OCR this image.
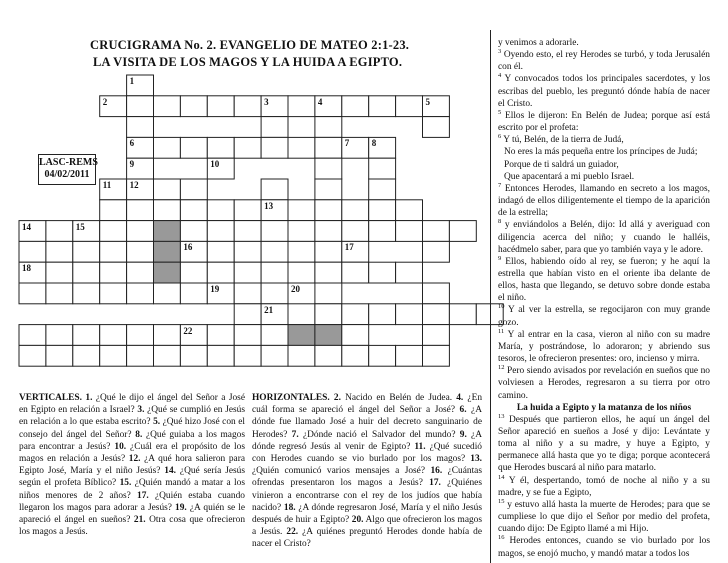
CRUCIGRAMA No. 2. EVANGELIO DE MATEO 2:1-23.
LA VISITA DE LOS MAGOS Y LA HUIDA A EGIPTO.
1
2	3	4	5
6	7 8
9	10
11 12
13
14	15
16	17
18
19	20
21
22
LASC-REMS
04/02/2011
VERTICALES. 1. ¿Qué le dijo el ángel del Señor a José en Egipto en relación a Israel? 3. ¿Qué se cumplió en Jesús en relación a lo que estaba escrito? 5. ¿Qué hizo José con el consejo del ángel del Señor? 8. ¿Qué guiaba a los magos para encontrar a Jesús? 10. ¿Cuál era el propósito de los magos en relación a Jesús? 12. ¿A qué hora salieron para Egipto José, María y el niño Jesús? 14. ¿Qué sería Jesús según el profeta Bíblico? 15. ¿Quién mandó a matar a los niños menores de 2 años? 17. ¿Quién estaba cuando llegaron los magos para adorar a Jesús? 19. ¿A quién se le apareció el ángel en sueños? 21. Otra cosa que ofrecieron los magos a Jesús.
HORIZONTALES. 2. Nacido en Belén de Judea. 4. ¿En cuál forma se apareció el ángel del Señor a José? 6. ¿A dónde fue llamado José a huir del decreto sanguinario de Herodes? 7. ¿Dónde nació el Salvador del mundo? 9. ¿A dónde regresó Jesús al venir de Egipto? 11. ¿Qué sucedió con Herodes cuando se vio burlado por los magos? 13. ¿Quién comunicó varios mensajes a José? 16. ¿Cuántas ofrendas presentaron los magos a Jesús? 17. ¿Quiénes vinieron a encontrarse con el rey de los judíos que había nacido? 18. ¿A dónde regresaron José, María y el niño Jesús después de huir a Egipto? 20. Algo que ofrecieron los magos a Jesús. 22. ¿A quiénes preguntó Herodes donde había de nacer el Cristo?
y venimos a adorarle.
$^3$ Oyendo esto, el rey Herodes se turbó, y toda Jerusalén con él.
$^4$ Y convocados todos los principales sacerdotes, y los escribas del pueblo, les preguntó dónde había de nacer el Cristo.
$^5$ Ellos le dijeron: En Belén de Judea; porque así está escrito por el profeta:
$^6$ Y tú, Belén, de la tierra de Judá,
No eres la más pequeña entre los príncipes de Judá;
Porque de ti saldrá un guiador,
Que apacentará a mi pueblo Israel.
$^7$ Entonces Herodes, llamando en secreto a los magos, indagó de ellos diligentemente el tiempo de la aparición de la estrella;
$^8$ y enviándolos a Belén, dijo: Id allá y averiguad con diligencia acerca del niño; y cuando le halléis, hacédmelo saber, para que yo también vaya y le adore.
$^9$ Ellos, habiendo oído al rey, se fueron; y he aquí la estrella que habían visto en el oriente iba delante de ellos, hasta que llegando, se detuvo sobre donde estaba el niño.
$^{10}$ Y al ver la estrella, se regocijaron con muy grande gozo.
$^{11}$ Y al entrar en la casa, vieron al niño con su madre María, y postrándose, lo adoraron; y abriendo sus tesoros, le ofrecieron presentes: oro, incienso y mirra.
$^{12}$ Pero siendo avisados por revelación en sueños que no volviesen a Herodes, regresaron a su tierra por otro camino.
La huida a Egipto y la matanza de los niños
$^{13}$ Después que partieron ellos, he aquí un ángel del Señor apareció en sueños a José y dijo: Levántate y toma al niño y a su madre, y huye a Egipto, y permanece allá hasta que yo te diga; porque acontecerá que Herodes buscará al niño para matarlo.
$^{14}$ Y él, despertando, tomó de noche al niño y a su madre, y se fue a Egipto,
$^{15}$ y estuvo allá hasta la muerte de Herodes; para que se cumpliese lo que dijo el Señor por medio del profeta, cuando dijo: De Egipto llamé a mi Hijo.
$^{16}$ Herodes entonces, cuando se vio burlado por los magos, se enojó mucho, y mandó matar a todos los
